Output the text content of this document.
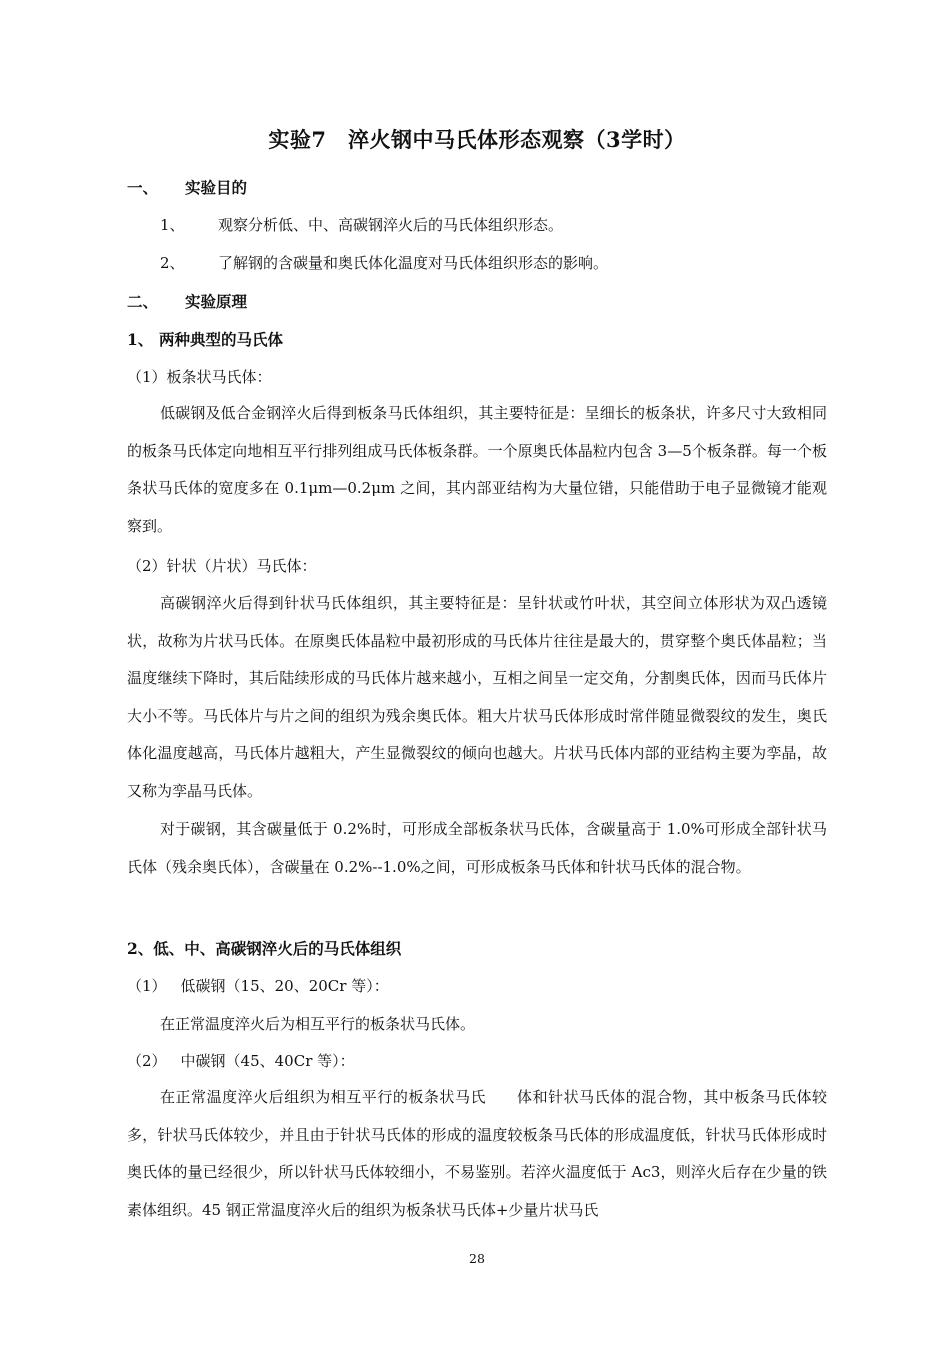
实验7　淬火钢中马氏体形态观察（3学时）
一、 实验目的
1、 观察分析低、中、高碳钢淬火后的马氏体组织形态。
2、 了解钢的含碳量和奥氏体化温度对马氏体组织形态的影响。
二、 实验原理
1、 两种典型的马氏体
（1）板条状马氏体：
低碳钢及低合金钢淬火后得到板条马氏体组织，其主要特征是：呈细长的板条状，许多尺寸大致相同的板条马氏体定向地相互平行排列组成马氏体板条群。一个原奥氏体晶粒内包含 3—5个板条群。每一个板条状马氏体的宽度多在 0.1μm—0.2μm 之间，其内部亚结构为大量位错，只能借助于电子显微镜才能观察到。
（2）针状（片状）马氏体：
高碳钢淬火后得到针状马氏体组织，其主要特征是：呈针状或竹叶状，其空间立体形状为双凸透镜状，故称为片状马氏体。在原奥氏体晶粒中最初形成的马氏体片往往是最大的，贯穿整个奥氏体晶粒；当温度继续下降时，其后陆续形成的马氏体片越来越小，互相之间呈一定交角，分割奥氏体，因而马氏体片大小不等。马氏体片与片之间的组织为残余奥氏体。粗大片状马氏体形成时常伴随显微裂纹的发生，奥氏体化温度越高，马氏体片越粗大，产生显微裂纹的倾向也越大。片状马氏体内部的亚结构主要为孪晶，故又称为孪晶马氏体。
对于碳钢，其含碳量低于 0.2%时，可形成全部板条状马氏体，含碳量高于 1.0%可形成全部针状马氏体（残余奥氏体），含碳量在 0.2%--1.0%之间，可形成板条马氏体和针状马氏体的混合物。
2、低、中、高碳钢淬火后的马氏体组织
（1） 低碳钢（15、20、20Cr 等）：
在正常温度淬火后为相互平行的板条状马氏体。
（2） 中碳钢（45、40Cr 等）：
在正常温度淬火后组织为相互平行的板条状马氏　　体和针状马氏体的混合物，其中板条马氏体较多，针状马氏体较少，并且由于针状马氏体的形成的温度较板条马氏体的形成温度低，针状马氏体形成时奥氏体的量已经很少，所以针状马氏体较细小，不易鉴别。若淬火温度低于 Ac3，则淬火后存在少量的铁素体组织。45 钢正常温度淬火后的组织为板条状马氏体+少量片状马氏
28
